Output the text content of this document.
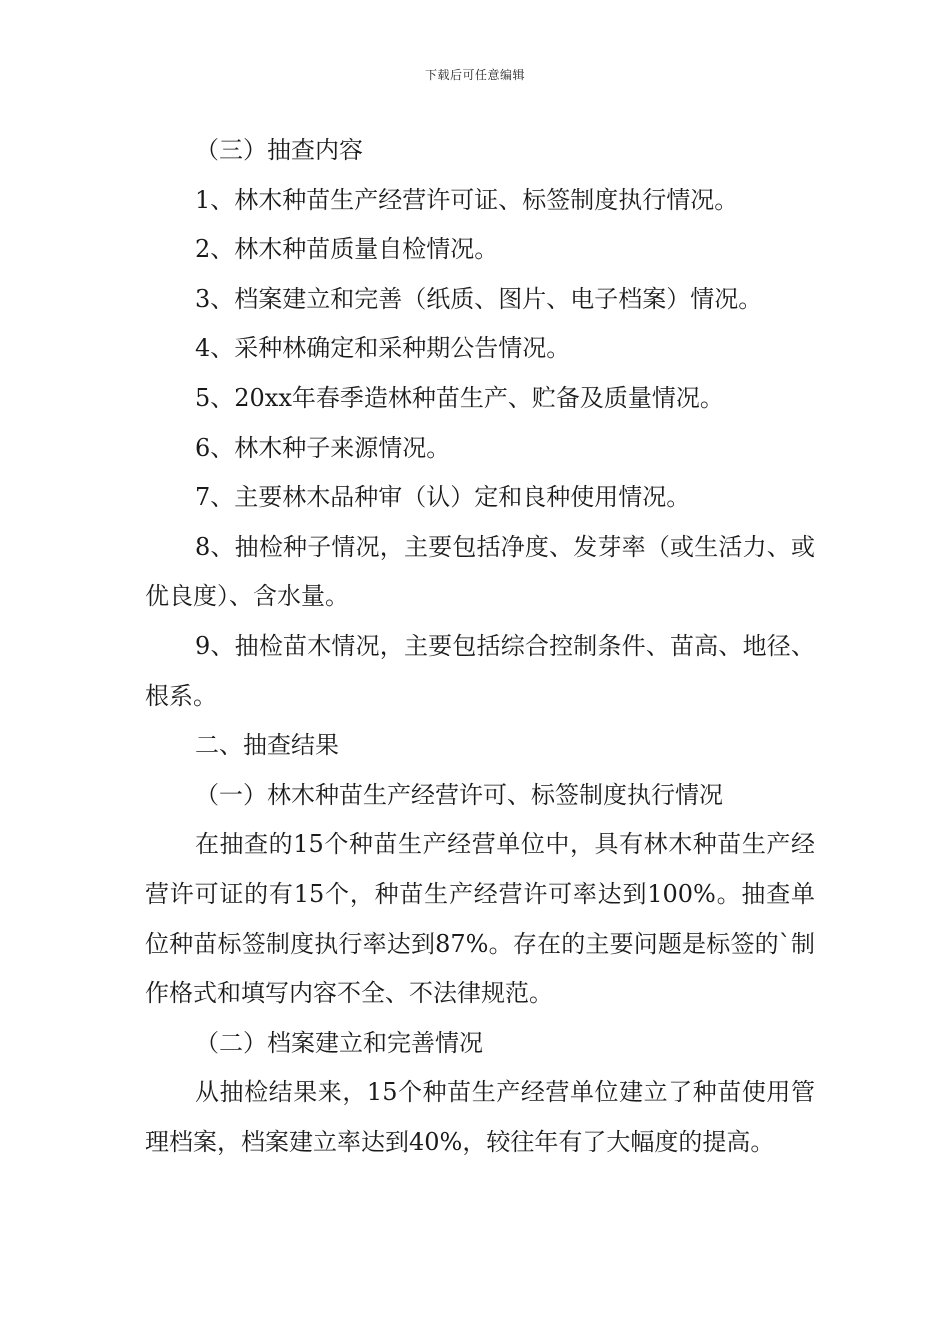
下载后可任意编辑

（三）抽查内容

1、林木种苗生产经营许可证、标签制度执行情况。

2、林木种苗质量自检情况。

3、档案建立和完善（纸质、图片、电子档案）情况。

4、采种林确定和采种期公告情况。

5、20xx年春季造林种苗生产、贮备及质量情况。

6、林木种子来源情况。

7、主要林木品种审（认）定和良种使用情况。

8、抽检种子情况，主要包括净度、发芽率（或生活力、或优良度）、含水量。

9、抽检苗木情况，主要包括综合控制条件、苗高、地径、根系。

二、抽查结果

（一）林木种苗生产经营许可、标签制度执行情况

在抽查的15个种苗生产经营单位中，具有林木种苗生产经营许可证的有15个，种苗生产经营许可率达到100%。抽查单位种苗标签制度执行率达到87%。存在的主要问题是标签的`制作格式和填写内容不全、不法律规范。

（二）档案建立和完善情况

从抽检结果来，15个种苗生产经营单位建立了种苗使用管理档案，档案建立率达到40%，较往年有了大幅度的提高。
